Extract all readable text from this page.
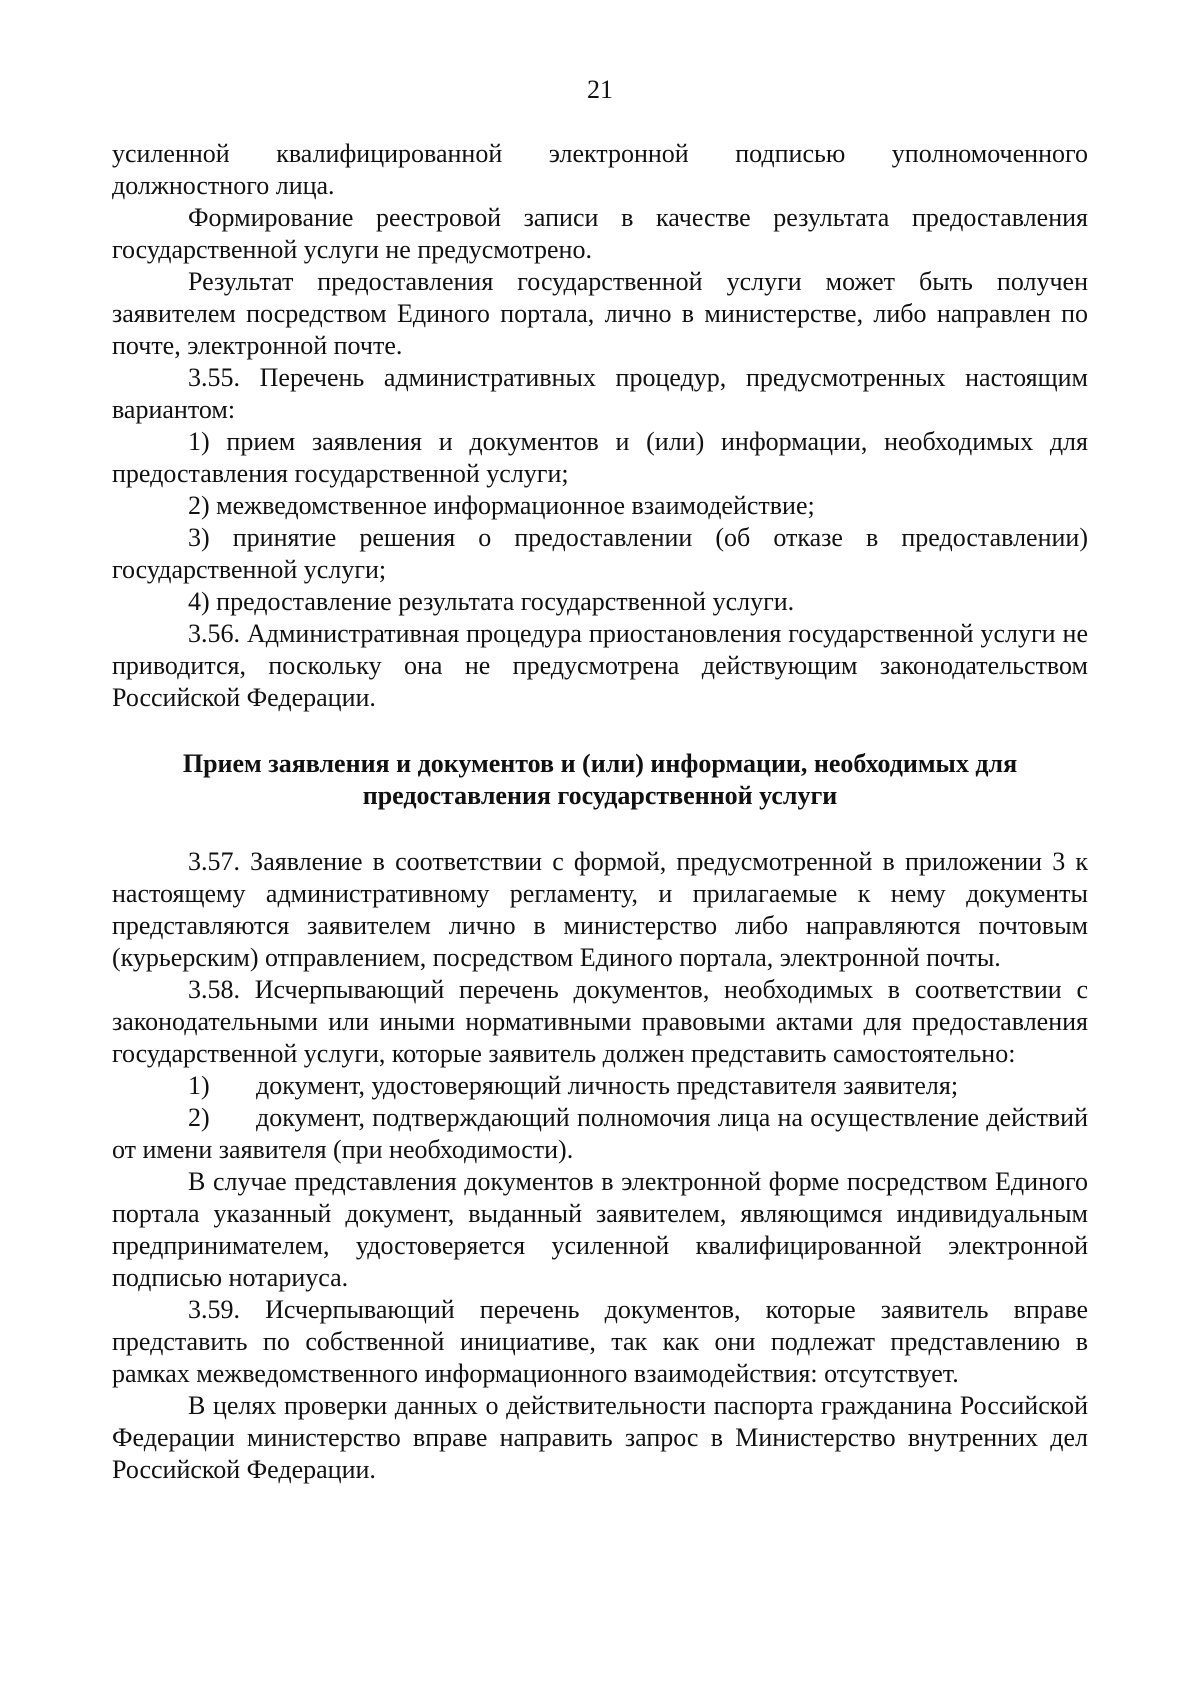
21

усиленной квалифицированной электронной подписью уполномоченного должностного лица.

Формирование реестровой записи в качестве результата предоставления государственной услуги не предусмотрено.

Результат предоставления государственной услуги может быть получен заявителем посредством Единого портала, лично в министерстве, либо направлен по почте, электронной почте.

3.55. Перечень административных процедур, предусмотренных настоящим вариантом:

1) прием заявления и документов и (или) информации, необходимых для предоставления государственной услуги;

2) межведомственное информационное взаимодействие;

3) принятие решения о предоставлении (об отказе в предоставлении) государственной услуги;

4) предоставление результата государственной услуги.

3.56. Административная процедура приостановления государственной услуги не приводится, поскольку она не предусмотрена действующим законодательством Российской Федерации.

Прием заявления и документов и (или) информации, необходимых для предоставления государственной услуги

3.57. Заявление в соответствии с формой, предусмотренной в приложении 3 к настоящему административному регламенту, и прилагаемые к нему документы представляются заявителем лично в министерство либо направляются почтовым (курьерским) отправлением, посредством Единого портала, электронной почты.

3.58. Исчерпывающий перечень документов, необходимых в соответствии с законодательными или иными нормативными правовыми актами для предоставления государственной услуги, которые заявитель должен представить самостоятельно:

1) документ, удостоверяющий личность представителя заявителя;

2) документ, подтверждающий полномочия лица на осуществление действий от имени заявителя (при необходимости).

В случае представления документов в электронной форме посредством Единого портала указанный документ, выданный заявителем, являющимся индивидуальным предпринимателем, удостоверяется усиленной квалифицированной электронной подписью нотариуса.

3.59. Исчерпывающий перечень документов, которые заявитель вправе представить по собственной инициативе, так как они подлежат представлению в рамках межведомственного информационного взаимодействия: отсутствует.

В целях проверки данных о действительности паспорта гражданина Российской Федерации министерство вправе направить запрос в Министерство внутренних дел Российской Федерации.
